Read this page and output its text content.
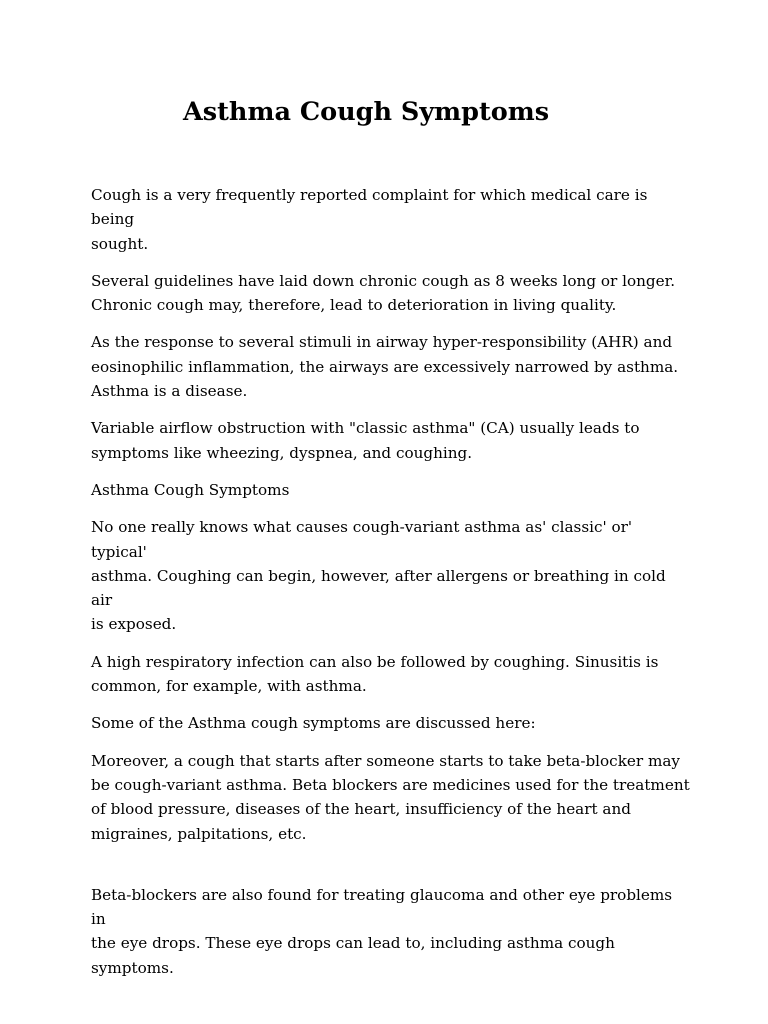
Asthma Cough Symptoms

Cough is a very frequently reported complaint for which medical care is being
sought.

Several guidelines have laid down chronic cough as 8 weeks long or longer.
Chronic cough may, therefore, lead to deterioration in living quality.

As the response to several stimuli in airway hyper-responsibility (AHR) and
eosinophilic inflammation, the airways are excessively narrowed by asthma.
Asthma is a disease.

Variable airflow obstruction with "classic asthma" (CA) usually leads to
symptoms like wheezing, dyspnea, and coughing.

Asthma Cough Symptoms

No one really knows what causes cough-variant asthma as' classic' or' typical'
asthma. Coughing can begin, however, after allergens or breathing in cold air
is exposed.

A high respiratory infection can also be followed by coughing. Sinusitis is
common, for example, with asthma.

Some of the Asthma cough symptoms are discussed here:

Moreover, a cough that starts after someone starts to take beta-blocker may
be cough-variant asthma. Beta blockers are medicines used for the treatment
of blood pressure, diseases of the heart, insufficiency of the heart and
migraines, palpitations, etc.

Beta-blockers are also found for treating glaucoma and other eye problems in
the eye drops. These eye drops can lead to, including asthma cough symptoms.
